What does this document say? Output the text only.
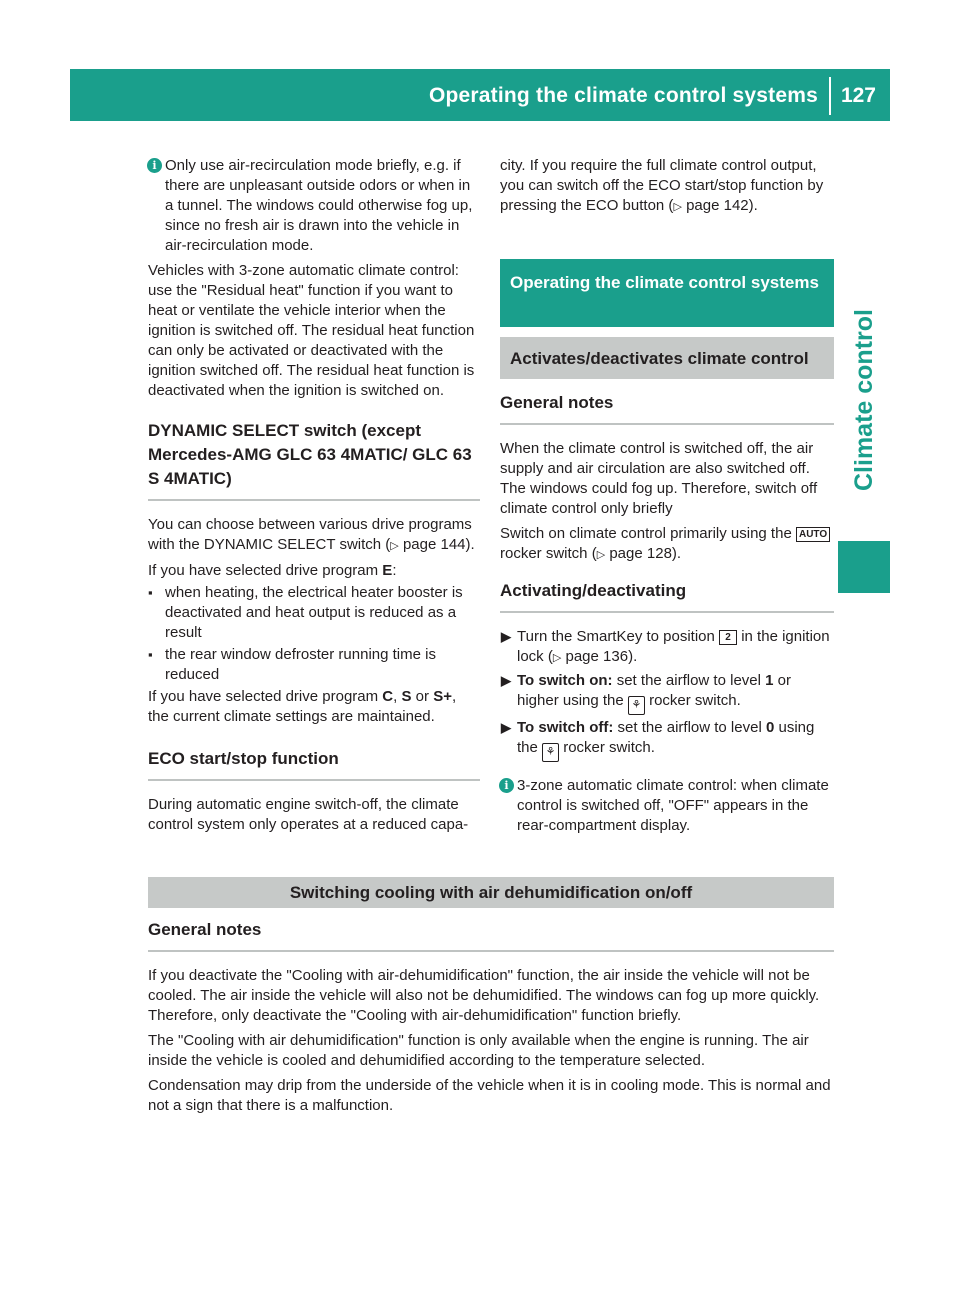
Operating the climate control systems 127
Climate control
i Only use air-recirculation mode briefly, e.g. if there are unpleasant outside odors or when in a tunnel. The windows could otherwise fog up, since no fresh air is drawn into the vehicle in air-recirculation mode.

Vehicles with 3-zone automatic climate control: use the "Residual heat" function if you want to heat or ventilate the vehicle interior when the ignition is switched off. The residual heat function can only be activated or deactivated with the ignition switched off. The residual heat function is deactivated when the ignition is switched on.

DYNAMIC SELECT switch (except Mercedes-AMG GLC 63 4MATIC/ GLC 63 S 4MATIC)

You can choose between various drive programs with the DYNAMIC SELECT switch (▷ page 144).

If you have selected drive program E:

▪ when heating, the electrical heater booster is deactivated and heat output is reduced as a result
▪ the rear window defroster running time is reduced

If you have selected drive program C, S or S+, the current climate settings are maintained.

ECO start/stop function

During automatic engine switch-off, the climate control system only operates at a reduced capa-

city. If you require the full climate control output, you can switch off the ECO start/stop function by pressing the ECO button (▷ page 142).

Operating the climate control systems
Activates/deactivates climate control
General notes

When the climate control is switched off, the air supply and air circulation are also switched off. The windows could fog up. Therefore, switch off climate control only briefly

Switch on climate control primarily using the AUTO rocker switch (▷ page 128).

Activating/deactivating
▶ Turn the SmartKey to position 2 in the ignition lock (▷ page 136).
▶ To switch on: set the airflow to level 1 or higher using the ⚘ rocker switch.
▶ To switch off: set the airflow to level 0 using the ⚘ rocker switch.
i 3-zone automatic climate control: when climate control is switched off, "OFF" appears in the rear-compartment display.
Switching cooling with air dehumidification on/off
General notes

If you deactivate the "Cooling with air-dehumidification" function, the air inside the vehicle will not be cooled. The air inside the vehicle will also not be dehumidified. The windows can fog up more quickly. Therefore, only deactivate the "Cooling with air-dehumidification" function briefly.

The "Cooling with air dehumidification" function is only available when the engine is running. The air inside the vehicle is cooled and dehumidified according to the temperature selected.

Condensation may drip from the underside of the vehicle when it is in cooling mode. This is normal and not a sign that there is a malfunction.
